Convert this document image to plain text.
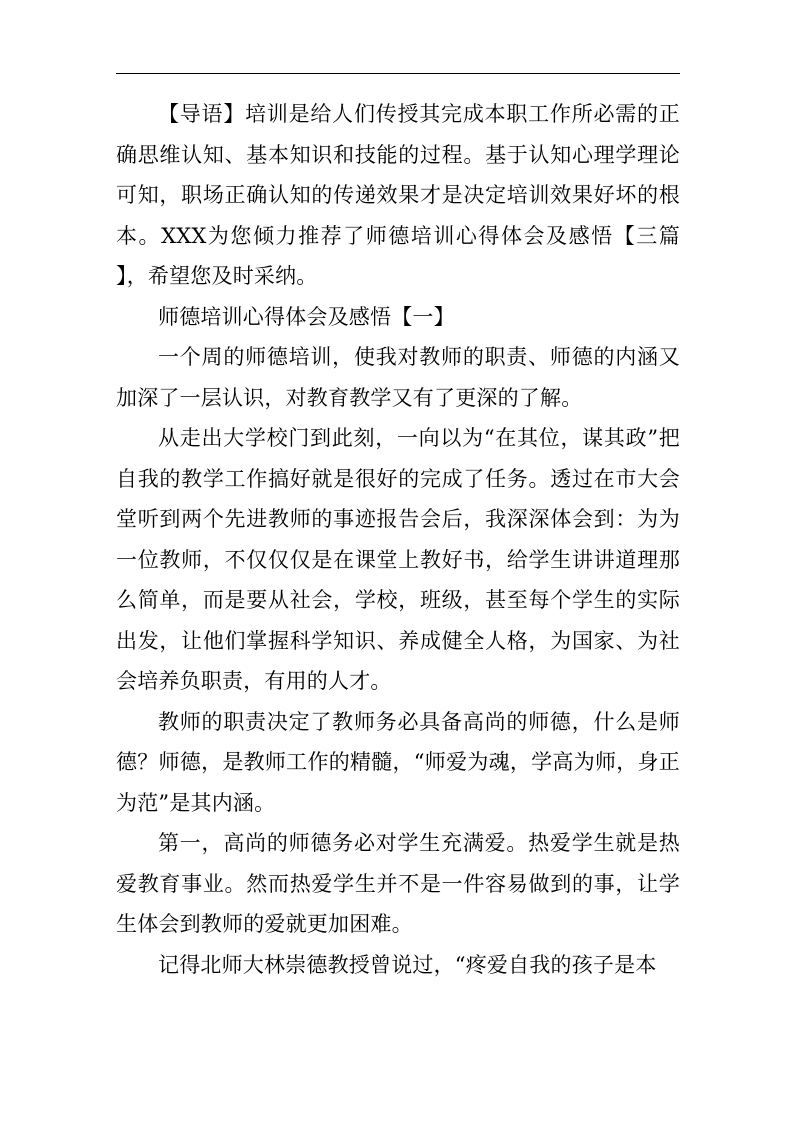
【导语】培训是给人们传授其完成本职工作所必需的正确思维认知、基本知识和技能的过程。基于认知心理学理论可知，职场正确认知的传递效果才是决定培训效果好坏的根本。XXX为您倾力推荐了师德培训心得体会及感悟【三篇 】，希望您及时采纳。

师德培训心得体会及感悟【一】

一个周的师德培训，使我对教师的职责、师德的内涵又加深了一层认识，对教育教学又有了更深的了解。

从走出大学校门到此刻，一向以为“在其位，谋其政”把自我的教学工作搞好就是很好的完成了任务。透过在市大会堂听到两个先进教师的事迹报告会后，我深深体会到：为为一位教师，不仅仅仅是在课堂上教好书，给学生讲讲道理那么简单，而是要从社会，学校，班级，甚至每个学生的实际出发，让他们掌握科学知识、养成健全人格，为国家、为社会培养负职责，有用的人才。

教师的职责决定了教师务必具备高尚的师德，什么是师德？师德，是教师工作的精髓，“师爱为魂，学高为师，身正为范”是其内涵。

第一，高尚的师德务必对学生充满爱。热爱学生就是热爱教育事业。然而热爱学生并不是一件容易做到的事，让学生体会到教师的爱就更加困难。

记得北师大林崇德教授曾说过，“疼爱自我的孩子是本
